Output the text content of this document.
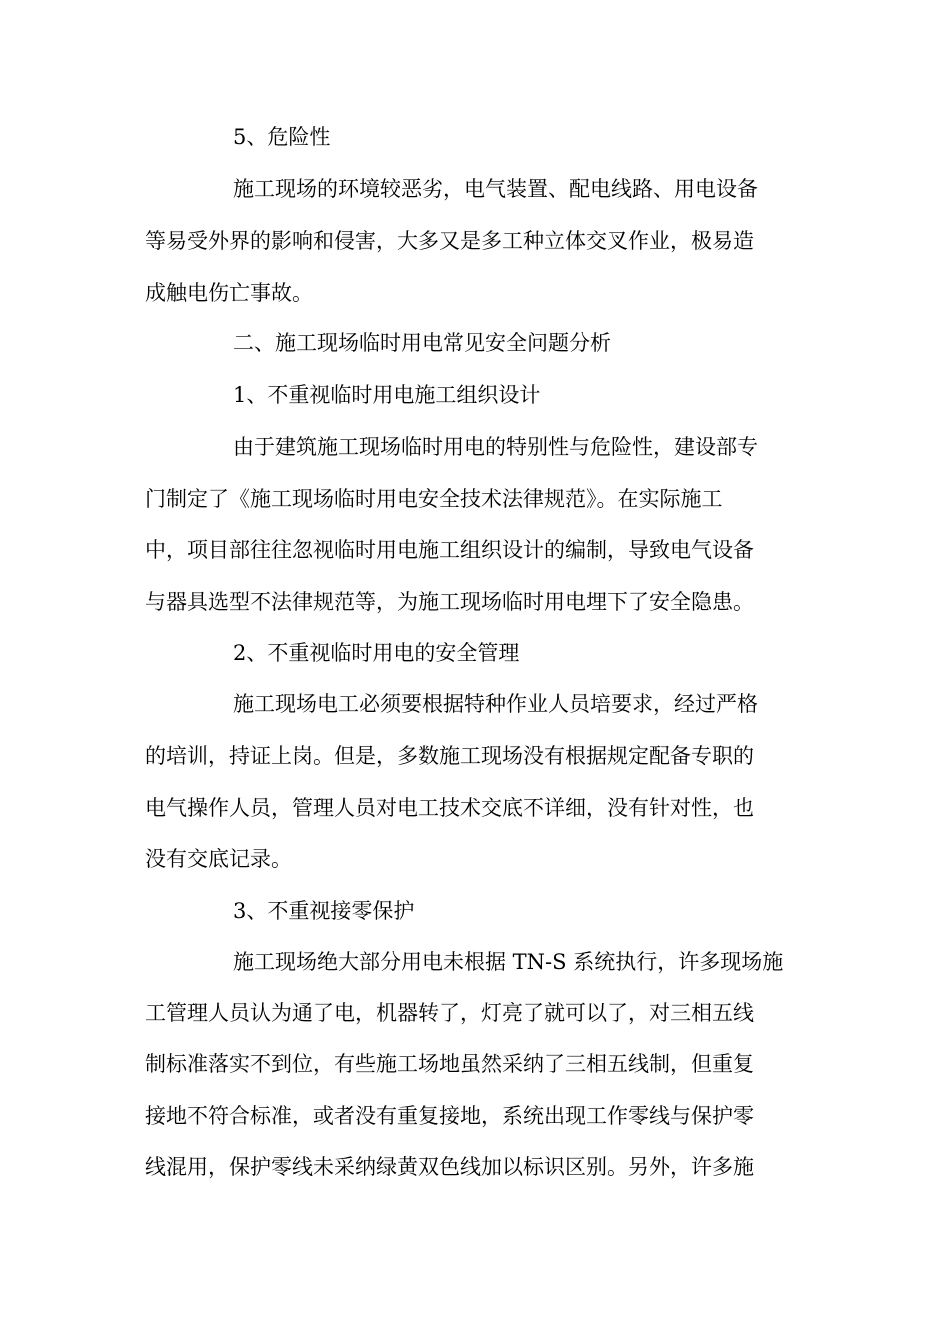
5、危险性
施工现场的环境较恶劣，电气装置、配电线路、用电设备
等易受外界的影响和侵害，大多又是多工种立体交叉作业，极易造
成触电伤亡事故。
二、施工现场临时用电常见安全问题分析
1、不重视临时用电施工组织设计
由于建筑施工现场临时用电的特别性与危险性，建设部专
门制定了《施工现场临时用电安全技术法律规范》。在实际施工
中，项目部往往忽视临时用电施工组织设计的编制，导致电气设备
与器具选型不法律规范等，为施工现场临时用电埋下了安全隐患。
2、不重视临时用电的安全管理
施工现场电工必须要根据特种作业人员培要求，经过严格
的培训，持证上岗。但是，多数施工现场没有根据规定配备专职的
电气操作人员，管理人员对电工技术交底不详细，没有针对性，也
没有交底记录。
3、不重视接零保护
施工现场绝大部分用电未根据 TN-S 系统执行，许多现场施
工管理人员认为通了电，机器转了，灯亮了就可以了，对三相五线
制标准落实不到位，有些施工场地虽然采纳了三相五线制，但重复
接地不符合标准，或者没有重复接地，系统出现工作零线与保护零
线混用，保护零线未采纳绿黄双色线加以标识区别。另外，许多施
